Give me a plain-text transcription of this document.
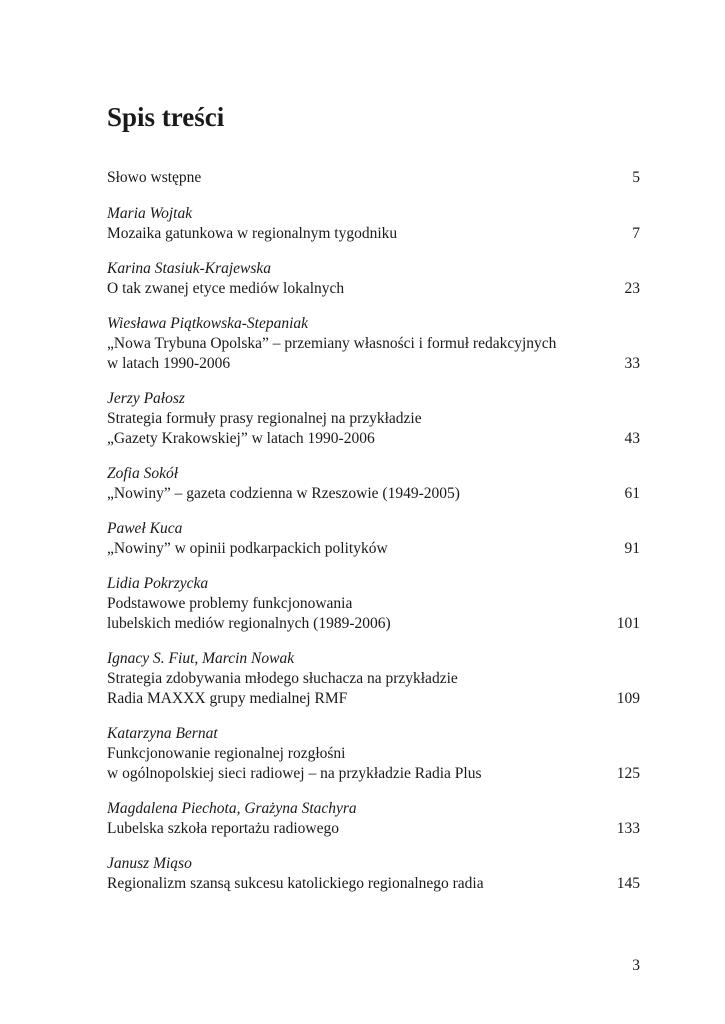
Spis treści
Słowo wstępne	5
Maria Wojtak
Mozaika gatunkowa w regionalnym tygodniku	7
Karina Stasiuk-Krajewska
O tak zwanej etyce mediów lokalnych	23
Wiesława Piątkowska-Stepaniak
„Nowa Trybuna Opolska” – przemiany własności i formuł redakcyjnych
w latach 1990-2006	33
Jerzy Pałosz
Strategia formuły prasy regionalnej na przykładzie
„Gazety Krakowskiej” w latach 1990-2006	43
Zofia Sokół
„Nowiny” – gazeta codzienna w Rzeszowie (1949-2005)	61
Paweł Kuca
„Nowiny” w opinii podkarpackich polityków	91
Lidia Pokrzycka
Podstawowe problemy funkcjonowania
lubelskich mediów regionalnych (1989-2006)	101
Ignacy S. Fiut, Marcin Nowak
Strategia zdobywania młodego słuchacza na przykładzie
Radia MAXXX grupy medialnej RMF	109
Katarzyna Bernat
Funkcjonowanie regionalnej rozgłośni
w ogólnopolskiej sieci radiowej – na przykładzie Radia Plus	125
Magdalena Piechota, Grażyna Stachyra
Lubelska szkoła reportażu radiowego	133
Janusz Miąso
Regionalizm szansą sukcesu katolickiego regionalnego radia	145
3
